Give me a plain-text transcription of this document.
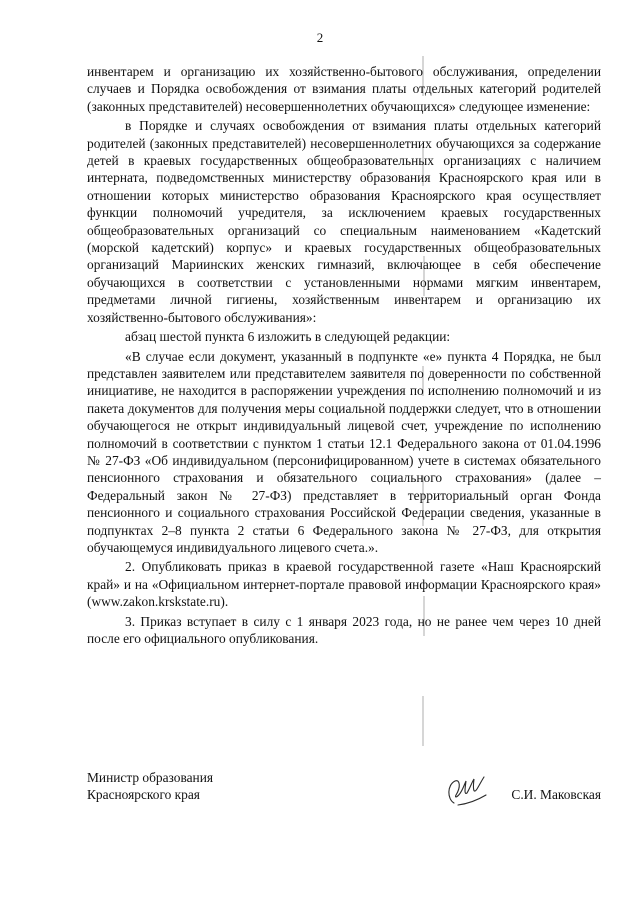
2

инвентарем и организацию их хозяйственно-бытового обслуживания, определении случаев и Порядка освобождения от взимания платы отдельных категорий родителей (законных представителей) несовершеннолетних обучающихся» следующее изменение:

в Порядке и случаях освобождения от взимания платы отдельных категорий родителей (законных представителей) несовершеннолетних обучающихся за содержание детей в краевых государственных общеобразовательных организациях с наличием интерната, подведомственных министерству образования Красноярского края или в отношении которых министерство образования Красноярского края осуществляет функции полномочий учредителя, за исключением краевых государственных общеобразовательных организаций со специальным наименованием «Кадетский (морской кадетский) корпус» и краевых государственных общеобразовательных организаций Мариинских женских гимназий, включающее в себя обеспечение обучающихся в соответствии с установленными нормами мягким инвентарем, предметами личной гигиены, хозяйственным инвентарем и организацию их хозяйственно-бытового обслуживания»:

абзац шестой пункта 6 изложить в следующей редакции:

«В случае если документ, указанный в подпункте «е» пункта 4 Порядка, не был представлен заявителем или представителем заявителя по доверенности по собственной инициативе, не находится в распоряжении учреждения по исполнению полномочий и из пакета документов для получения меры социальной поддержки следует, что в отношении обучающегося не открыт индивидуальный лицевой счет, учреждение по исполнению полномочий в соответствии с пунктом 1 статьи 12.1 Федерального закона от 01.04.1996 № 27-ФЗ «Об индивидуальном (персонифицированном) учете в системах обязательного пенсионного страхования и обязательного социального страхования» (далее – Федеральный закон № 27-ФЗ) представляет в территориальный орган Фонда пенсионного и социального страхования Российской Федерации сведения, указанные в подпунктах 2–8 пункта 2 статьи 6 Федерального закона № 27-ФЗ, для открытия обучающемуся индивидуального лицевого счета.».

2. Опубликовать приказ в краевой государственной газете «Наш Красноярский край» и на «Официальном интернет-портале правовой информации Красноярского края» (www.zakon.krskstate.ru).

3. Приказ вступает в силу с 1 января 2023 года, но не ранее чем через 10 дней после его официального опубликования.

Министр образования
Красноярского края	С.И. Маковская
